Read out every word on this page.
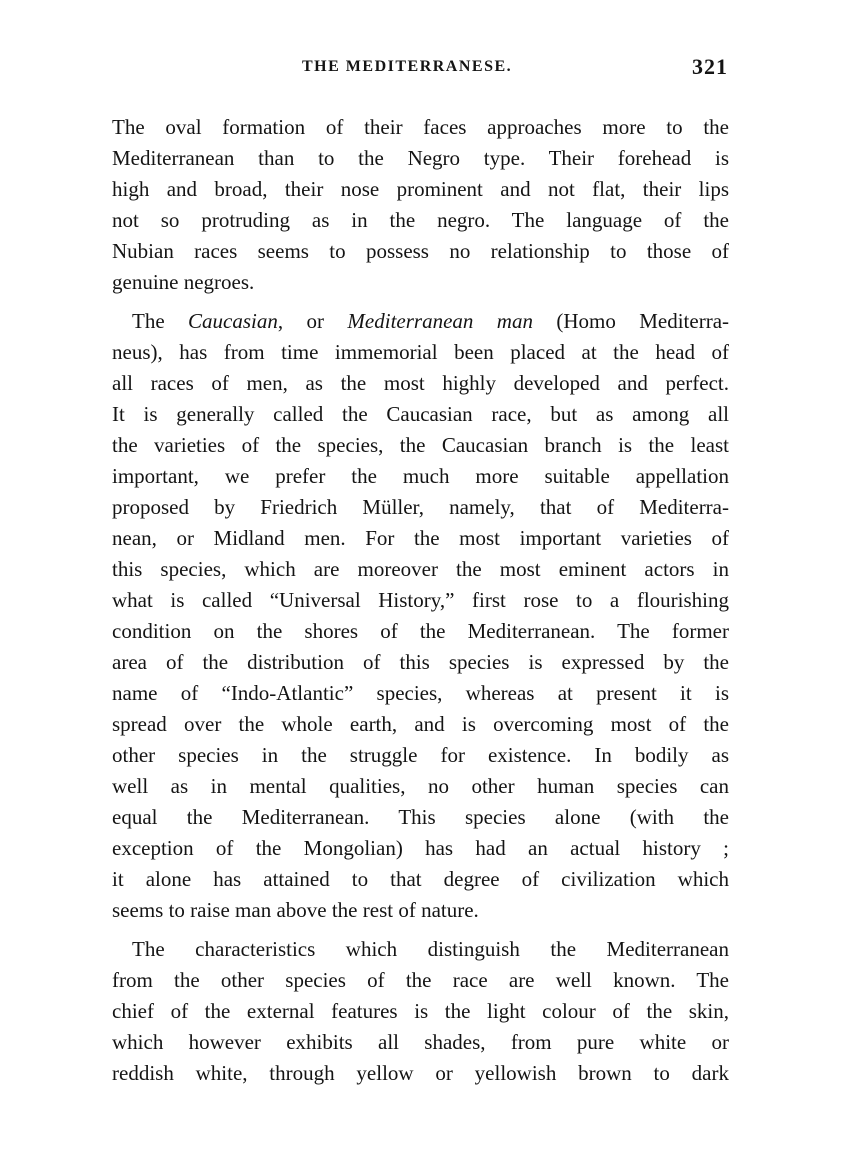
THE MEDITERRANESE.	321
The oval formation of their faces approaches more to the
Mediterranean than to the Negro type. Their forehead is
high and broad, their nose prominent and not flat, their lips
not so protruding as in the negro. The language of the
Nubian races seems to possess no relationship to those of
genuine negroes.
The Caucasian, or Mediterranean man (Homo Mediterra-
neus), has from time immemorial been placed at the head of
all races of men, as the most highly developed and perfect.
It is generally called the Caucasian race, but as among all
the varieties of the species, the Caucasian branch is the least
important, we prefer the much more suitable appellation
proposed by Friedrich Müller, namely, that of Mediterra-
nean, or Midland men. For the most important varieties of
this species, which are moreover the most eminent actors in
what is called “Universal History,” first rose to a flourishing
condition on the shores of the Mediterranean. The former
area of the distribution of this species is expressed by the
name of “Indo-Atlantic” species, whereas at present it is
spread over the whole earth, and is overcoming most of the
other species in the struggle for existence. In bodily as
well as in mental qualities, no other human species can
equal the Mediterranean. This species alone (with the
exception of the Mongolian) has had an actual history ;
it alone has attained to that degree of civilization which
seems to raise man above the rest of nature.
The characteristics which distinguish the Mediterranean
from the other species of the race are well known. The
chief of the external features is the light colour of the skin,
which however exhibits all shades, from pure white or
reddish white, through yellow or yellowish brown to dark
